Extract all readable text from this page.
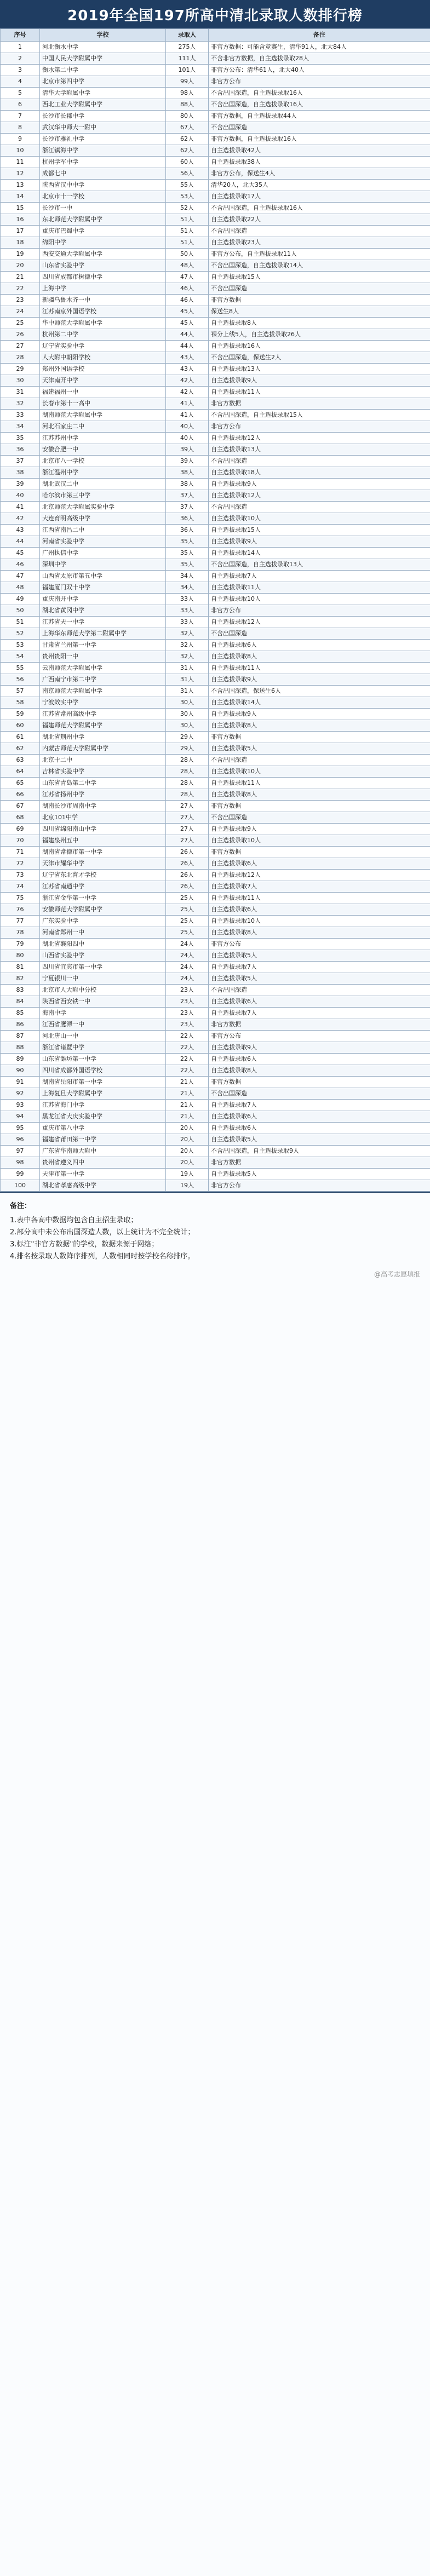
2019年全国197所高中清北录取人数排行榜
序号	学校	录取人	备注
1	河北衡水中学	275人	非官方数据：可能含竞赛生，清华91人，北大84人
2	中国人民大学附属中学	111人	不含非官方数据，自主选拔录取28人
3	衡水第二中学	101人	非官方公布：清华61人，北大40人
4	北京市第四中学	99人	非官方公布
5	清华大学附属中学	98人	不含出国深造，自主选拔录取16人
6	西北工业大学附属中学	88人	不含出国深造，自主选拔录取16人
7	长沙市长郡中学	80人	非官方数据，自主选拔录取44人
8	武汉华中师大一附中	67人	不含出国深造
9	长沙市雅礼中学	62人	非官方数据，自主选拔录取16人
10	浙江镇海中学	62人	自主选拔录取42人
11	杭州学军中学	60人	自主选拔录取38人
12	成都七中	56人	非官方公布，保送生4人
13	陕西省汉中中学	55人	清华20人，北大35人
14	北京市十一学校	53人	自主选拔录取17人
15	长沙市一中	52人	不含出国深造，自主选拔录取16人
16	东北师范大学附属中学	51人	自主选拔录取22人
17	重庆市巴蜀中学	51人	不含出国深造
18	绵阳中学	51人	自主选拔录取23人
19	西安交通大学附属中学	50人	非官方公布，自主选拔录取11人
20	山东省实验中学	48人	不含出国深造，自主选拔录取14人
21	四川省成都市树德中学	47人	自主选拔录取15人
22	上海中学	46人	不含出国深造
23	新疆乌鲁木齐一中	46人	非官方数据
24	江苏南京外国语学校	45人	保送生8人
25	华中师范大学附属中学	45人	自主选拔录取8人
26	杭州第二中学	44人	裸分上线5人，自主选拔录取26人
27	辽宁省实验中学	44人	自主选拔录取16人
28	人大附中朝阳学校	43人	不含出国深造，保送生2人
29	郑州外国语学校	43人	自主选拔录取13人
30	天津南开中学	42人	自主选拔录取9人
31	福建福州一中	42人	自主选拔录取11人
32	长春市第十一高中	41人	非官方数据
33	湖南师范大学附属中学	41人	不含出国深造，自主选拔录取15人
34	河北石家庄二中	40人	非官方公布
35	江苏苏州中学	40人	自主选拔录取12人
36	安徽合肥一中	39人	自主选拔录取13人
37	北京市八一学校	39人	不含出国深造
38	浙江温州中学	38人	自主选拔录取18人
39	湖北武汉二中	38人	自主选拔录取9人
40	哈尔滨市第三中学	37人	自主选拔录取12人
41	北京师范大学附属实验中学	37人	不含出国深造
42	大连育明高级中学	36人	自主选拔录取10人
43	江西省南昌二中	36人	自主选拔录取15人
44	河南省实验中学	35人	自主选拔录取9人
45	广州执信中学	35人	自主选拔录取14人
46	深圳中学	35人	不含出国深造，自主选拔录取13人
47	山西省太原市第五中学	34人	自主选拔录取7人
48	福建厦门双十中学	34人	自主选拔录取11人
49	重庆南开中学	33人	自主选拔录取10人
50	湖北省黄冈中学	33人	非官方公布
51	江苏省天一中学	33人	自主选拔录取12人
52	上海华东师范大学第二附属中学	32人	不含出国深造
53	甘肃省兰州第一中学	32人	自主选拔录取6人
54	贵州贵阳一中	32人	自主选拔录取8人
55	云南师范大学附属中学	31人	自主选拔录取11人
56	广西南宁市第二中学	31人	自主选拔录取9人
57	南京师范大学附属中学	31人	不含出国深造，保送生6人
58	宁波效实中学	30人	自主选拔录取14人
59	江苏省常州高级中学	30人	自主选拔录取9人
60	福建师范大学附属中学	30人	自主选拔录取8人
61	湖北省荆州中学	29人	非官方数据
62	内蒙古师范大学附属中学	29人	自主选拔录取5人
63	北京十二中	28人	不含出国深造
64	吉林省实验中学	28人	自主选拔录取10人
65	山东省青岛第二中学	28人	自主选拔录取11人
66	江苏省扬州中学	28人	自主选拔录取8人
67	湖南长沙市周南中学	27人	非官方数据
68	北京101中学	27人	不含出国深造
69	四川省绵阳南山中学	27人	自主选拔录取9人
70	福建泉州五中	27人	自主选拔录取10人
71	湖南省常德市第一中学	26人	非官方数据
72	天津市耀华中学	26人	自主选拔录取6人
73	辽宁省东北育才学校	26人	自主选拔录取12人
74	江苏省南通中学	26人	自主选拔录取7人
75	浙江省金华第一中学	25人	自主选拔录取11人
76	安徽师范大学附属中学	25人	自主选拔录取6人
77	广东实验中学	25人	自主选拔录取10人
78	河南省郑州一中	25人	自主选拔录取8人
79	湖北省襄阳四中	24人	非官方公布
80	山西省实验中学	24人	自主选拔录取5人
81	四川省宜宾市第一中学	24人	自主选拔录取7人
82	宁夏银川一中	24人	自主选拔录取5人
83	北京市人大附中分校	23人	不含出国深造
84	陕西省西安铁一中	23人	自主选拔录取6人
85	海南中学	23人	自主选拔录取7人
86	江西省鹰潭一中	23人	非官方数据
87	河北唐山一中	22人	非官方公布
88	浙江省诸暨中学	22人	自主选拔录取9人
89	山东省潍坊第一中学	22人	自主选拔录取6人
90	四川省成都外国语学校	22人	自主选拔录取8人
91	湖南省岳阳市第一中学	21人	非官方数据
92	上海复旦大学附属中学	21人	不含出国深造
93	江苏省海门中学	21人	自主选拔录取7人
94	黑龙江省大庆实验中学	21人	自主选拔录取6人
95	重庆市第八中学	20人	自主选拔录取6人
96	福建省莆田第一中学	20人	自主选拔录取5人
97	广东省华南师大附中	20人	不含出国深造，自主选拔录取9人
98	贵州省遵义四中	20人	非官方数据
99	天津市第一中学	19人	自主选拔录取5人
100	湖北省孝感高级中学	19人	非官方公布
备注：

1.表中各高中数据均包含自主招生录取；

2.部分高中未公布出国深造人数，以上统计为不完全统计；

3.标注"非官方数据"的学校，数据来源于网络；

4.排名按录取人数降序排列，人数相同时按学校名称排序。

@高考志愿填报
